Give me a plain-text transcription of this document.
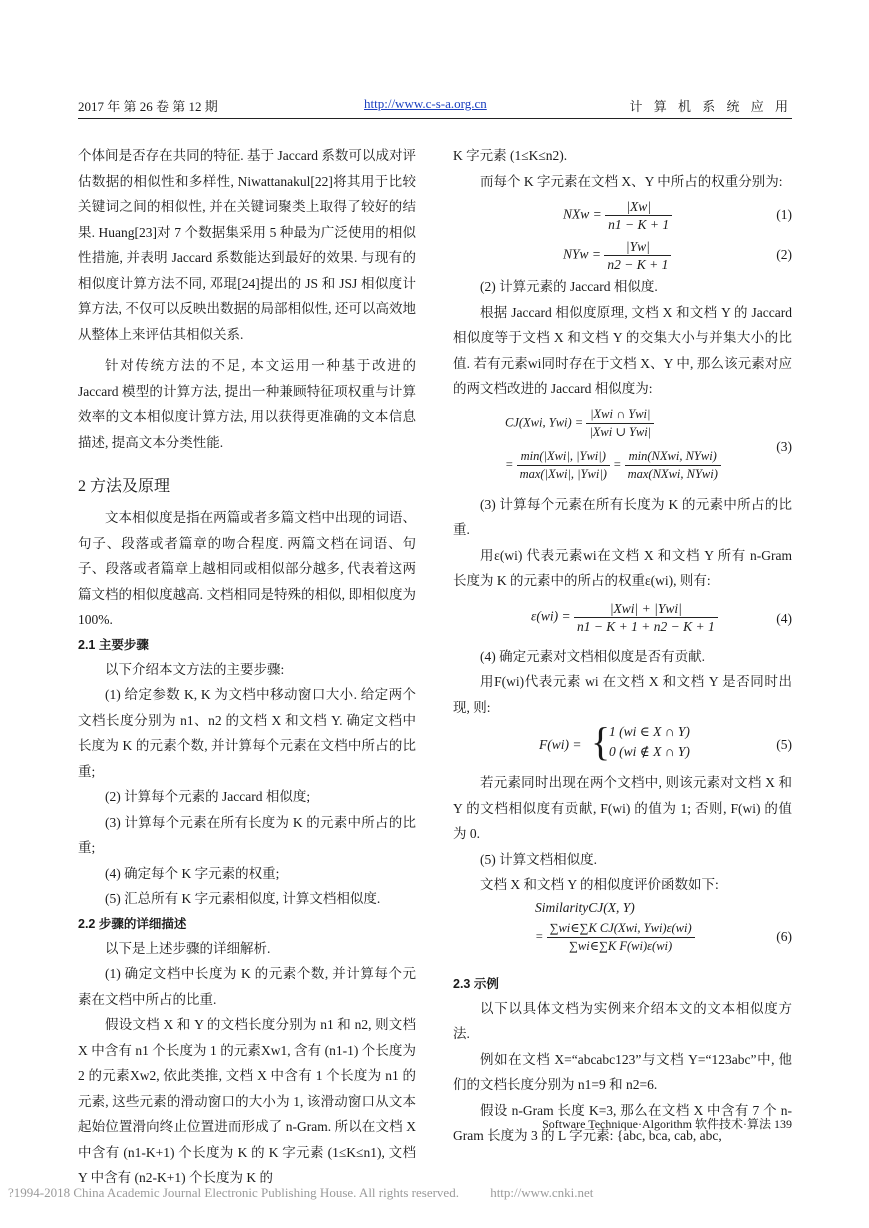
2017 年 第 26 卷 第 12 期	http://www.c-s-a.org.cn	计 算 机 系 统 应 用

个体间是否存在共同的特征. 基于 Jaccard 系数可以成对评估数据的相似性和多样性, Niwattanakul[22]将其用于比较关键词之间的相似性, 并在关键词聚类上取得了较好的结果. Huang[23]对 7 个数据集采用 5 种最为广泛使用的相似性措施, 并表明 Jaccard 系数能达到最好的效果. 与现有的相似度计算方法不同, 邓琨[24]提出的 JS 和 JSJ 相似度计算方法, 不仅可以反映出数据的局部相似性, 还可以高效地从整体上来评估其相似关系.

针对传统方法的不足, 本文运用一种基于改进的 Jaccard 模型的计算方法, 提出一种兼顾特征项权重与计算效率的文本相似度计算方法, 用以获得更准确的文本信息描述, 提高文本分类性能.

2 方法及原理

文本相似度是指在两篇或者多篇文档中出现的词语、句子、段落或者篇章的吻合程度. 两篇文档在词语、句子、段落或者篇章上越相同或相似部分越多, 代表着这两篇文档的相似度越高. 文档相同是特殊的相似, 即相似度为 100%.

2.1 主要步骤

以下介绍本文方法的主要步骤:

(1) 给定参数 K, K 为文档中移动窗口大小. 给定两个文档长度分别为 n1、n2 的文档 X 和文档 Y. 确定文档中长度为 K 的元素个数, 并计算每个元素在文档中所占的比重;

(2) 计算每个元素的 Jaccard 相似度;

(3) 计算每个元素在所有长度为 K 的元素中所占的比重;

(4) 确定每个 K 字元素的权重;

(5) 汇总所有 K 字元素相似度, 计算文档相似度.

2.2 步骤的详细描述

以下是上述步骤的详细解析.

(1) 确定文档中长度为 K 的元素个数, 并计算每个元素在文档中所占的比重.

假设文档 X 和 Y 的文档长度分别为 n1 和 n2, 则文档 X 中含有 n1 个长度为 1 的元素Xw1, 含有 (n1-1) 个长度为 2 的元素Xw2, 依此类推, 文档 X 中含有 1 个长度为 n1 的元素, 这些元素的滑动窗口的大小为 1, 该滑动窗口从文本起始位置滑向终止位置进而形成了 n-Gram. 所以在文档 X 中含有 (n1-K+1) 个长度为 K 的 K 字元素 (1≤K≤n1), 文档 Y 中含有 (n2-K+1) 个长度为 K 的

K 字元素 (1≤K≤n2).

而每个 K 字元素在文档 X、Y 中所占的权重分别为:

NXw = $\frac{|Xw|}{n1 - K + 1}$	(1)
NYw = $\frac{|Yw|}{n2 - K + 1}$	(2)

(2) 计算元素的 Jaccard 相似度.

根据 Jaccard 相似度原理, 文档 X 和文档 Y 的 Jaccard 相似度等于文档 X 和文档 Y 的交集大小与并集大小的比值. 若有元素wi同时存在于文档 X、Y 中, 那么该元素对应的两文档改进的 Jaccard 相似度为:

CJ(Xwi, $Ywi) = \frac{\text{|Xwi ∩ Ywi|}}{\text{|Xwi ∪ Ywi|}}$
= $\frac{\text{min(|Xwi|, |Ywi|)}}{\text{max(|Xwi|, |Ywi|)}} = \frac{\text{min(NXwi, NYwi)}}{\text{max(NXwi, NYwi)}}$
(3)

(3) 计算每个元素在所有长度为 K 的元素中所占的比重.

用ε(wi) 代表元素wi在文档 X 和文档 Y 所有 n-Gram 长度为 K 的元素中的所占的权重ε(wi), 则有:

$\varepsilon(wi) = \frac{\text{|Xwi| + |Ywi|}}{n1 - K + 1 + n2 - K + 1}$	(4)

(4) 确定元素对文档相似度是否有贡献.

用F(wi)代表元素 wi 在文档 X 和文档 Y 是否同时出现, 则:

F(wi) = {
1 (wi ∈ X ∩ Y)
0 (wi ∉ X ∩ Y)	(5)

若元素同时出现在两个文档中, 则该元素对文档 X 和 Y 的文档相似度有贡献, F(wi) 的值为 1; 否则, F(wi) 的值为 0.

(5) 计算文档相似度.

文档 X 和文档 Y 的相似度评价函数如下:

SimilarityCJ(X, Y)
= $\frac{\text{∑wi∈∑K CJ(Xwi, Ywi)ε(wi)}}{\text{∑wi∈∑K F(wi)ε(wi)}}$	(6)
2.3 示例

以下以具体文档为实例来介绍本文的文本相似度方法.

例如在文档 X=“abcabc123”与文档 Y=“123abc”中, 他们的文档长度分别为 n1=9 和 n2=6.

假设 n-Gram 长度 K=3, 那么在文档 X 中含有 7 个 n-Gram 长度为 3 的 L 字元素: {abc, bca, cab, abc,

Software Technique·Algorithm 软件技术·算法 139
?1994-2018 China Academic Journal Electronic Publishing House. All rights reserved. http://www.cnki.net
